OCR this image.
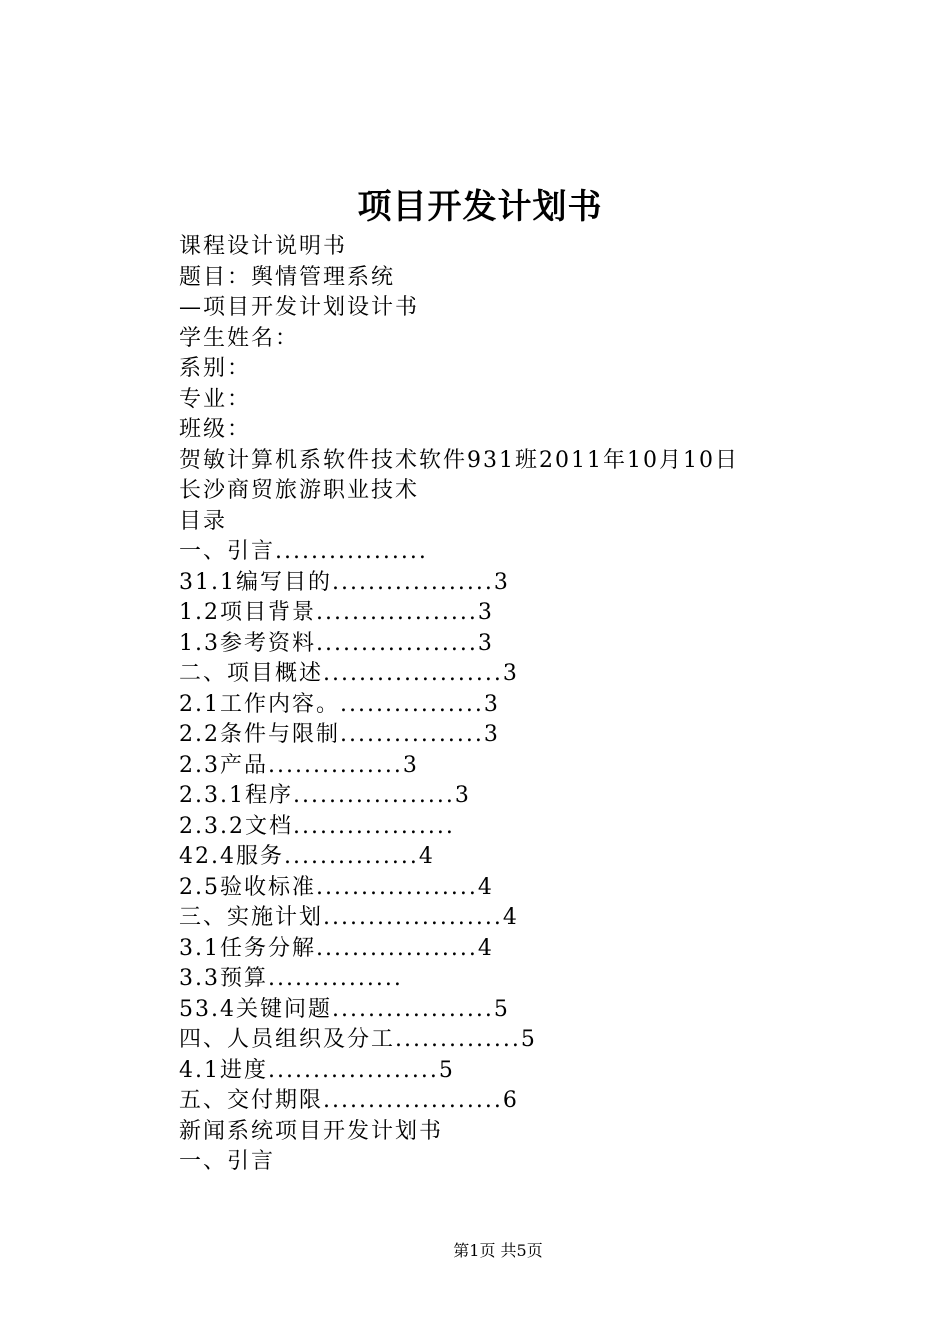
项目开发计划书
课程设计说明书
题目：舆情管理系统
—项目开发计划设计书
学生姓名：
系别：
专业：
班级：
贺敏计算机系软件技术软件931班2011年10月10日
长沙商贸旅游职业技术
目录
一、引言.................
31.1编写目的..................3
1.2项目背景..................3
1.3参考资料..................3
二、项目概述....................3
2.1工作内容。................3
2.2条件与限制................3
2.3产品...............3
2.3.1程序..................3
2.3.2文档..................
42.4服务...............4
2.5验收标准..................4
三、实施计划....................4
3.1任务分解..................4
3.3预算...............
53.4关键问题..................5
四、人员组织及分工..............5
4.1进度...................5
五、交付期限....................6
新闻系统项目开发计划书
一、引言
第1页 共5页
